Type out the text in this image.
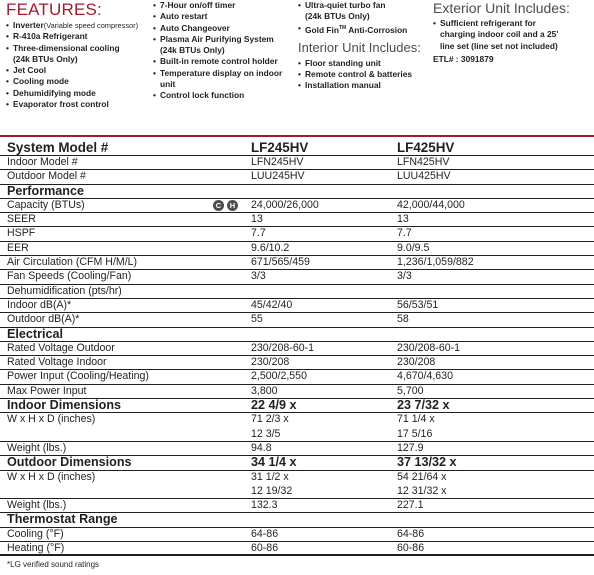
FEATURES:
• Inverter(Variable speed compressor)
• R-410a Refrigerant
• Three-dimensional cooling
(24k BTUs Only)
• Jet Cool
• Cooling mode
• Dehumidifying mode
• Evaporator frost control
• 7-Hour on/off timer
• Auto restart
• Auto Changeover
• Plasma Air Purifying System
(24k BTUs Only)
• Built-in remote control holder
• Temperature display on indoor
unit
• Control lock function
• Ultra-quiet turbo fan
(24k BTUs Only)
• Gold Fin™ Anti-Corrosion
Interior Unit Includes:
• Floor standing unit
• Remote control & batteries
• Installation manual
Exterior Unit Includes:
• Sufficient refrigerant for
charging indoor coil and a 25'
line set (line set not included)
ETL# : 3091879
System Model #	LF245HV	LF425HV
Indoor Model #	LFN245HV	LFN425HV
Outdoor Model #	LUU245HV	LUU425HV
Performance
Capacity (BTUs)	C H	24,000/26,000	42,000/44,000
SEER	13	13
HSPF	7.7	7.7
EER	9.6/10.2	9.0/9.5
Air Circulation (CFM H/M/L)	671/565/459	1,236/1,059/882
Fan Speeds (Cooling/Fan)	3/3	3/3
Dehumidification (pts/hr)
Indoor dB(A)*	45/42/40	56/53/51
Outdoor dB(A)*	55	58
Electrical
Rated Voltage Outdoor	230/208-60-1	230/208-60-1
Rated Voltage Indoor	230/208	230/208
Power Input (Cooling/Heating)	2,500/2,550	4,670/4,630
Max Power Input	3,800	5,700
Indoor Dimensions	22 4/9 x	23 7/32 x
W x H x D (inches)	71 2/3 x	71 1/4 x
12 3/5	17 5/16
Weight (lbs.)	94.8	127.9
Outdoor Dimensions	34 1/4 x	37 13/32 x
W x H x D (inches)	31 1/2 x	54 21/64 x
12 19/32	12 31/32 x
Weight (lbs.)	132.3	227.1
Thermostat Range
Cooling (°F)	64-86	64-86
Heating (°F)	60-86	60-86
*LG verified sound ratings
